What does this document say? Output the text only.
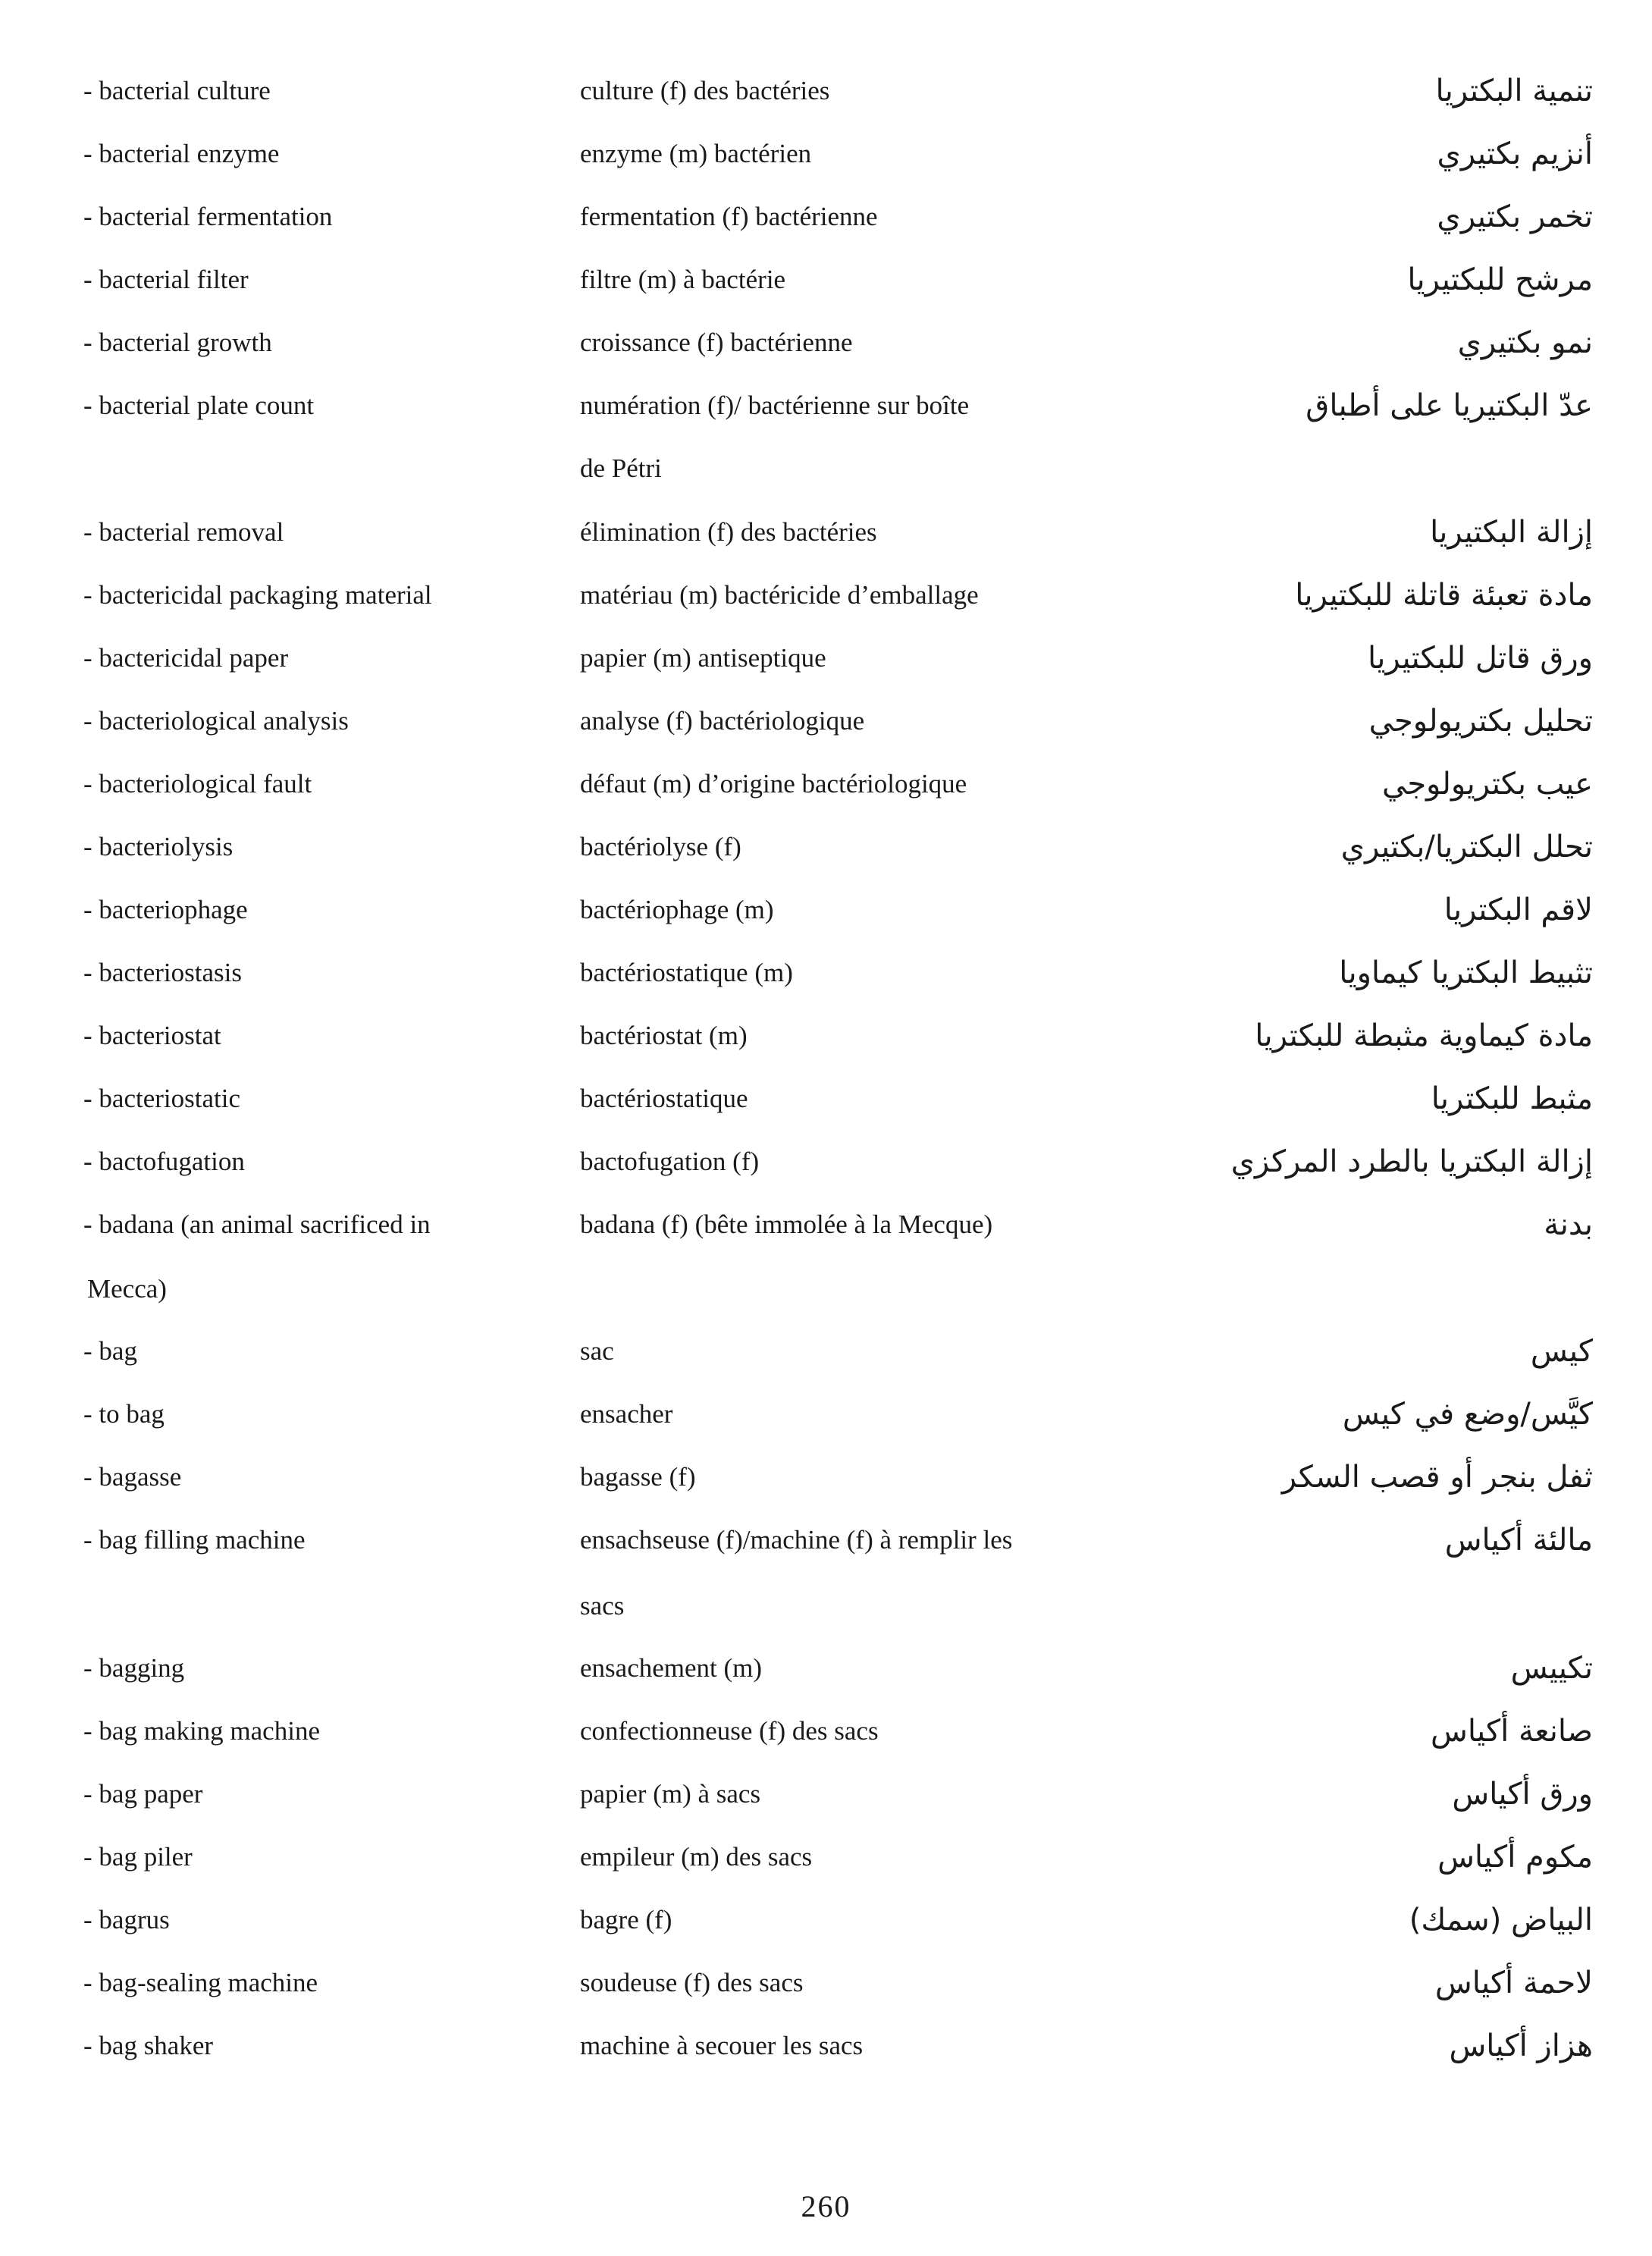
- bacterial culture	culture (f) des bactéries	تنمية البكتريا
- bacterial enzyme	enzyme (m) bactérien	أنزيم بكتيري
- bacterial fermentation	fermentation (f) bactérienne	تخمر بكتيري
- bacterial filter	filtre (m) à bactérie	مرشح للبكتيريا
- bacterial growth	croissance (f) bactérienne	نمو بكتيري
- bacterial plate count	numération (f)/ bactérienne sur boîte	عدّ البكتيريا على أطباق
de Pétri
- bacterial removal	élimination (f) des bactéries	إزالة البكتيريا
- bactericidal packaging material	matériau (m) bactéricide d’emballage	مادة تعبئة قاتلة للبكتيريا
- bactericidal paper	papier (m) antiseptique	ورق قاتل للبكتيريا
- bacteriological analysis	analyse (f) bactériologique	تحليل بكتريولوجي
- bacteriological fault	défaut (m) d’origine bactériologique	عيب بكتريولوجي
- bacteriolysis	bactériolyse (f)	تحلل البكتريا/بكتيري
- bacteriophage	bactériophage (m)	لاقم البكتريا
- bacteriostasis	bactériostatique (m)	تثبيط البكتريا كيماويا
- bacteriostat	bactériostat (m)	مادة كيماوية مثبطة للبكتريا
- bacteriostatic	bactériostatique	مثبط للبكتريا
- bactofugation	bactofugation (f)	إزالة البكتريا بالطرد المركزي
- badana (an animal sacrificed in	badana (f) (bête immolée à la Mecque)	بدنة
Mecca)
- bag	sac	كيس
- to bag	ensacher	كيَّس/وضع في كيس
- bagasse	bagasse (f)	ثفل بنجر أو قصب السكر
- bag filling machine	ensachseuse (f)/machine (f) à remplir les	مالئة أكياس
sacs
- bagging	ensachement (m)	تكييس
- bag making machine	confectionneuse (f) des sacs	صانعة أكياس
- bag paper	papier (m) à sacs	ورق أكياس
- bag piler	empileur (m) des sacs	مكوم أكياس
- bagrus	bagre (f)	البياض (سمك)
- bag-sealing machine	soudeuse (f) des sacs	لاحمة أكياس
- bag shaker	machine à secouer les sacs	هزاز أكياس
260
